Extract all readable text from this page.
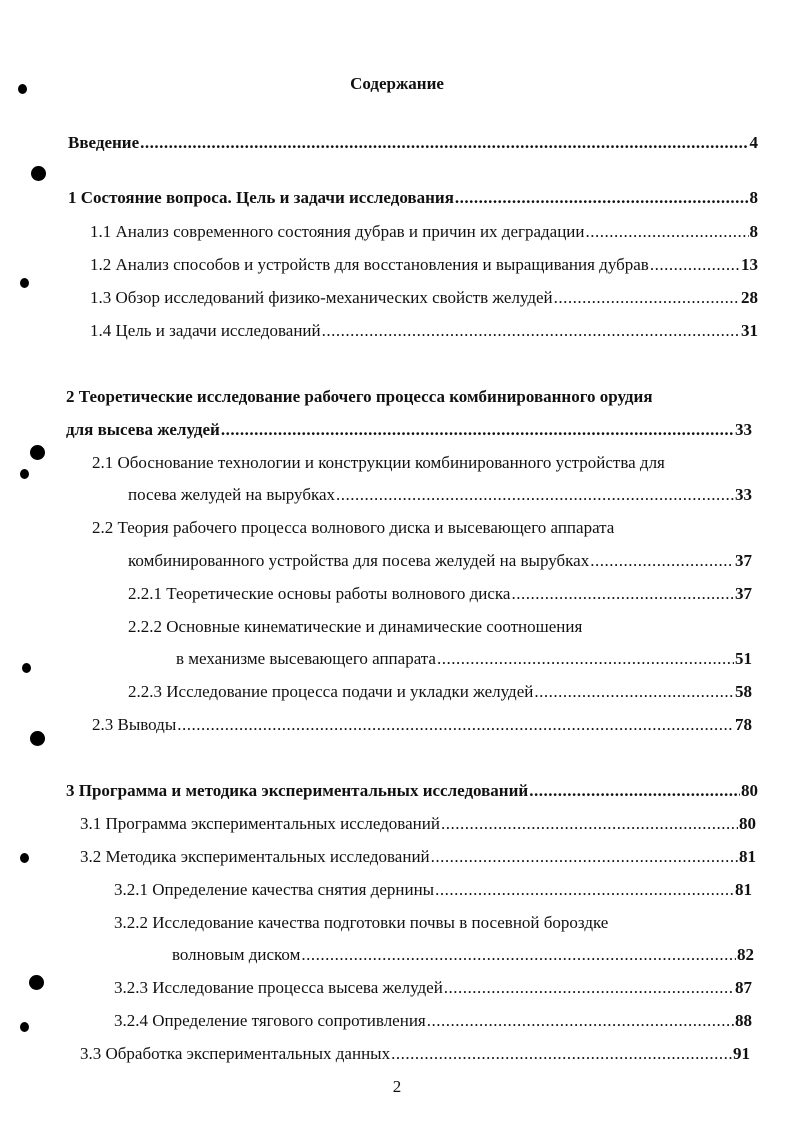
Содержание
Введение .....	4
1 Состояние вопроса. Цель и задачи исследования .....	8
1.1 Анализ современного состояния дубрав и причин их деградации .....	8
1.2 Анализ способов и устройств для восстановления и выращивания дубрав .....	13
1.3 Обзор исследований физико-механических свойств желудей .....	28
1.4 Цель и задачи исследований .....	31
2 Теоретические исследование рабочего процесса комбинированного орудия
для высева желудей .....	33
2.1 Обоснование технологии и конструкции комбинированного устройства для
посева желудей на вырубках .....	33
2.2 Теория рабочего процесса волнового диска и высевающего аппарата
комбинированного устройства для посева желудей на вырубках .....	37
2.2.1 Теоретические основы работы волнового диска .....	37
2.2.2 Основные кинематические и динамические соотношения
в механизме высевающего аппарата .....	51
2.2.3 Исследование процесса подачи и укладки желудей .....	58
2.3 Выводы .....	78
3 Программа и методика экспериментальных исследований .....	80
3.1 Программа экспериментальных исследований .....	80
3.2 Методика экспериментальных исследований .....	81
3.2.1 Определение качества снятия дернины .....	81
3.2.2 Исследование качества подготовки почвы в посевной бороздке
волновым диском .....	82
3.2.3 Исследование процесса высева желудей .....	87
3.2.4 Определение тягового сопротивления .....	88
3.3 Обработка экспериментальных данных .....	91
2
